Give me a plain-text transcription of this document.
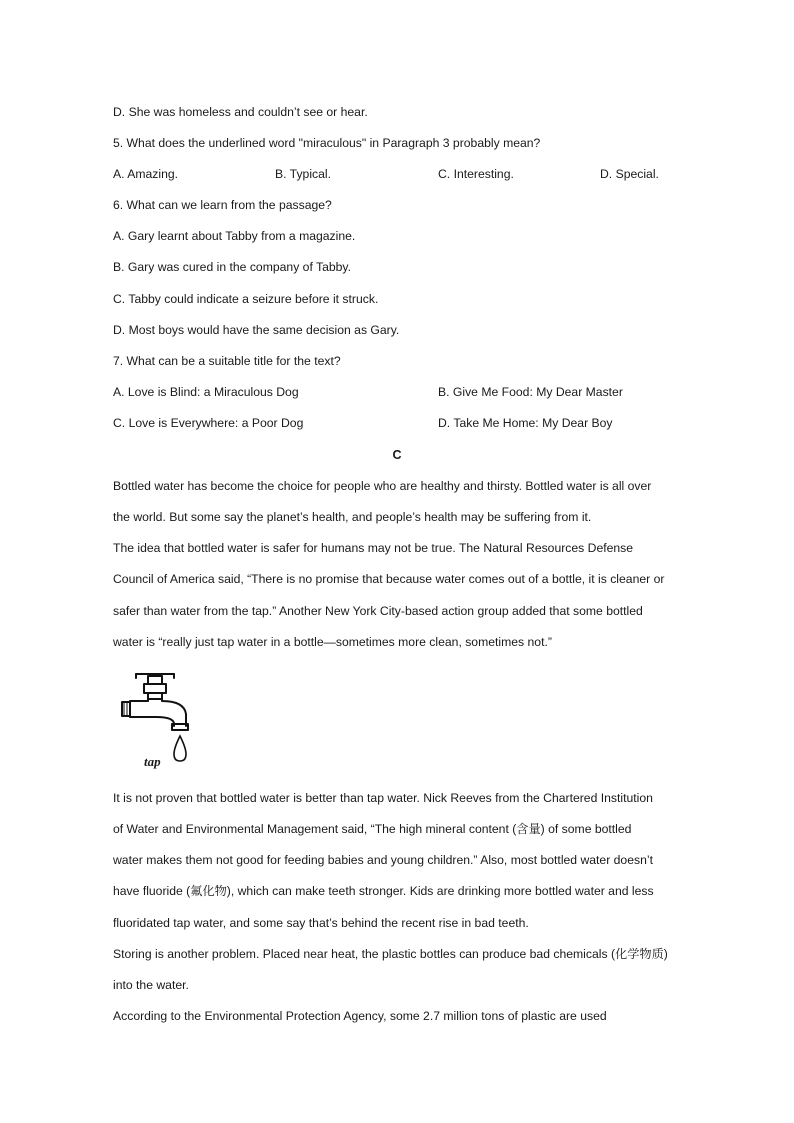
D. She was homeless and couldn’t see or hear.
5. What does the underlined word "miraculous" in Paragraph 3 probably mean?
A. Amazing.	B. Typical.	C. Interesting.	D. Special.
6. What can we learn from the passage?
A. Gary learnt about Tabby from a magazine.
B. Gary was cured in the company of Tabby.
C. Tabby could indicate a seizure before it struck.
D. Most boys would have the same decision as Gary.
7. What can be a suitable title for the text?
A. Love is Blind: a Miraculous Dog	B. Give Me Food: My Dear Master
C. Love is Everywhere: a Poor Dog	D. Take Me Home: My Dear Boy
C
Bottled water has become the choice for people who are healthy and thirsty. Bottled water is all over
the world. But some say the planet’s health, and people’s health may be suffering from it.
The idea that bottled water is safer for humans may not be true. The Natural Resources Defense
Council of America said, “There is no promise that because water comes out of a bottle, it is cleaner or
safer than water from the tap.” Another New York City-based action group added that some bottled
water is “really just tap water in a bottle—sometimes more clean, sometimes not.”
tap
It is not proven that bottled water is better than tap water. Nick Reeves from the Chartered Institution
of Water and Environmental Management said, “The high mineral content (含量) of some bottled
water makes them not good for feeding babies and young children.” Also, most bottled water doesn’t
have fluoride (氟化物), which can make teeth stronger. Kids are drinking more bottled water and less
fluoridated tap water, and some say that’s behind the recent rise in bad teeth.
Storing is another problem. Placed near heat, the plastic bottles can produce bad chemicals (化学物质)
into the water.
According to the Environmental Protection Agency, some 2.7 million tons of plastic are used
